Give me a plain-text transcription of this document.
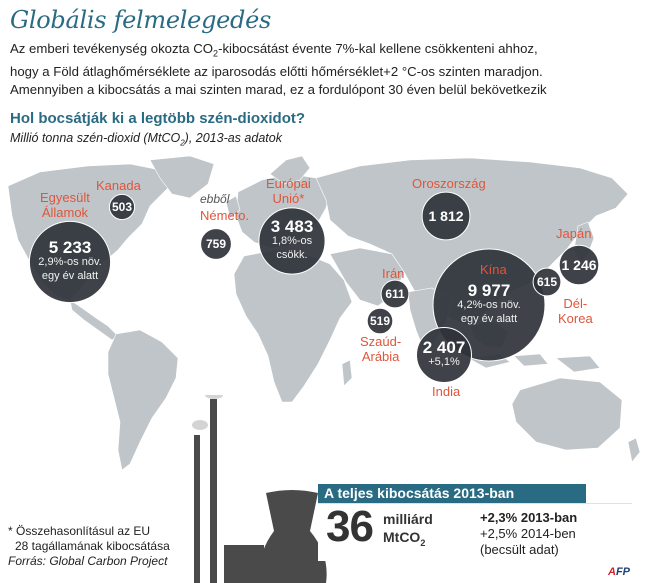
Globális felmelegedés
Az emberi tevékenység okozta $CO_2$-kibocsátást évente 7%-kal kellene csökkenteni ahhoz,
hogy a Föld átlaghőmérséklete az iparosodás előtti hőmérséklet+2 °C-os szinten maradjon.
Amennyiben a kibocsátás a mai szinten marad, ez a fordulópont 30 éven belül bekövetkezik
Hol bocsátják ki a legtöbb szén-dioxidot?
Millió tonna szén-dioxid (MtCO$_2$), 2013-as adatok
Egyesült
Államok
Kanada	Európai
Unió*
ebből
Németo.
Oroszország
Irán
Szaúd-
Arábia
Kína
Japán
Dél-
Korea
India
5 233
2,9%-os növ.
egy év alatt
503
759
3 483
1,8%-os
csökk.
1 812
611
519
9 977
4,2%-os növ.
egy év alatt
1 246
615
2 407
+5,1%
A teljes kibocsátás 2013-ban
36 milliárd
MtCO$_2$
+2,3% 2013-ban
+2,5% 2014-ben
(becsült adat)
* Összehasonlításul az EU
28 tagállamának kibocsátása
Forrás: Global Carbon Project
AFP
